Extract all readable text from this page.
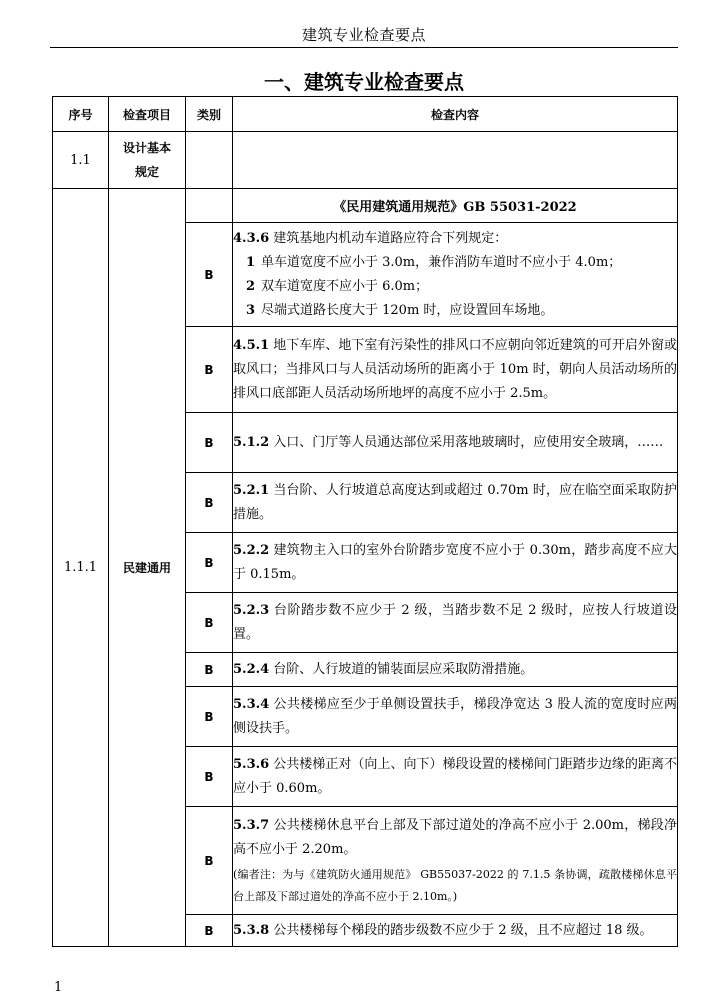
建筑专业检查要点
一、建筑专业检查要点
序号	检查项目	类别	检查内容
1.1	设计基本规定		
1.1.1	民建通用		《民用建筑通用规范》GB 55031-2022
		B	4.3.6 建筑基地内机动车道路应符合下列规定：
1 单车道宽度不应小于 3.0m，兼作消防车道时不应小于 4.0m；
2 双车道宽度不应小于 6.0m；
3 尽端式道路长度大于 120m 时，应设置回车场地。

		B	4.5.1 地下车库、地下室有污染性的排风口不应朝向邻近建筑的可开启外窗或取风口；当排风口与人员活动场所的距离小于 10m 时，朝向人员活动场所的排风口底部距人员活动场所地坪的高度不应小于 2.5m。
		B	5.1.2 入口、门厅等人员通达部位采用落地玻璃时，应使用安全玻璃，……
		B	5.2.1 当台阶、人行坡道总高度达到或超过 0.70m 时，应在临空面采取防护措施。
		B	5.2.2 建筑物主入口的室外台阶踏步宽度不应小于 0.30m，踏步高度不应大于 0.15m。
		B	5.2.3 台阶踏步数不应少于 2 级，当踏步数不足 2 级时，应按人行坡道设置。
		B	5.2.4 台阶、人行坡道的铺装面层应采取防滑措施。
		B	5.3.4 公共楼梯应至少于单侧设置扶手，梯段净宽达 3 股人流的宽度时应两侧设扶手。
		B	5.3.6 公共楼梯正对（向上、向下）梯段设置的楼梯间门距踏步边缘的距离不应小于 0.60m。
		B	5.3.7 公共楼梯休息平台上部及下部过道处的净高不应小于 2.00m，梯段净高不应小于 2.20m。
(编者注：为与《建筑防火通用规范》 GB55037-2022 的 7.1.5 条协调，疏散楼梯休息平台上部及下部过道处的净高不应小于 2.10m。)

		B	5.3.8 公共楼梯每个梯段的踏步级数不应少于 2 级，且不应超过 18 级。
1
